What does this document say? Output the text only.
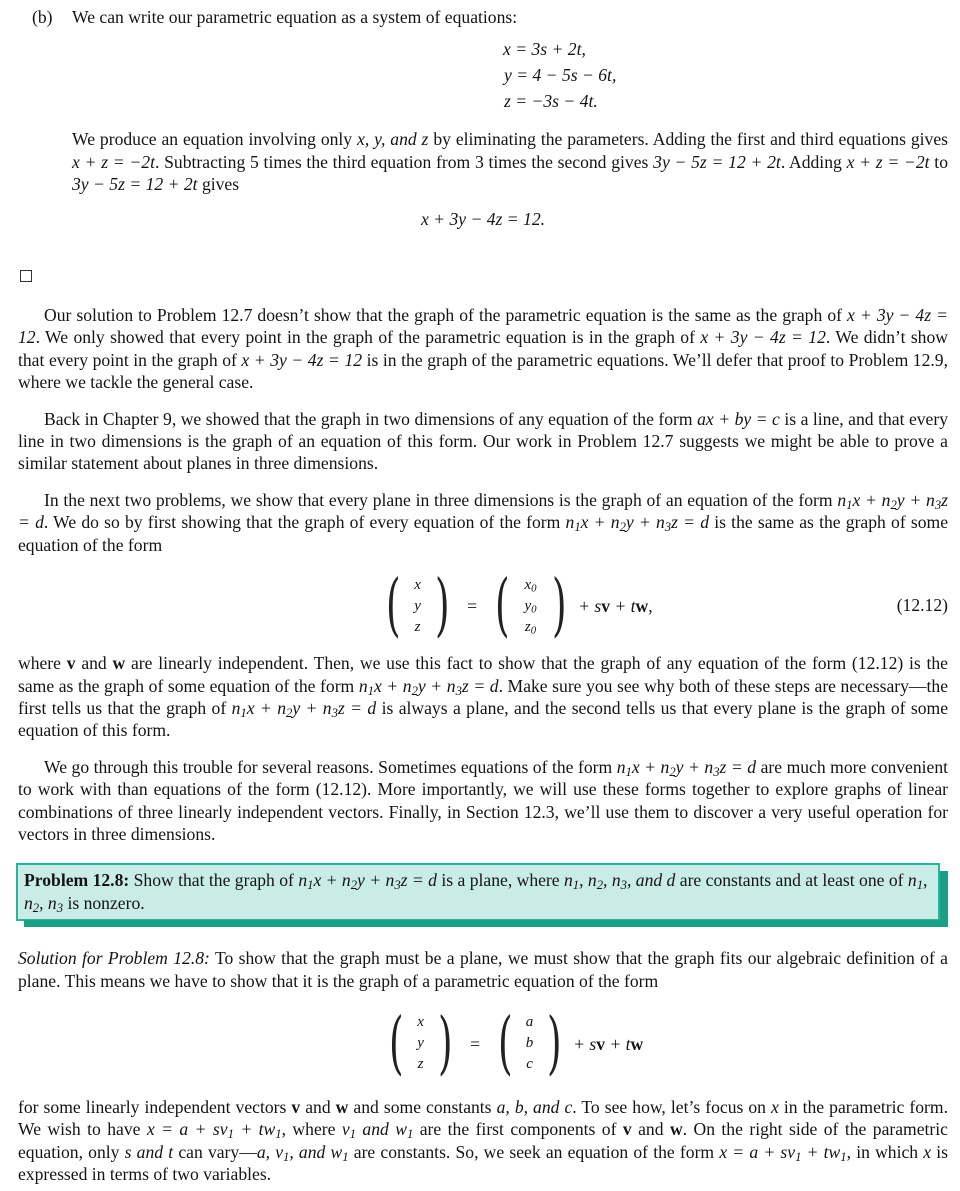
(b) We can write our parametric equation as a system of equations:

x = 3s + 2t,
y = 4 − 5s − 6t,
z = −3s − 4t.

We produce an equation involving only x, y, and z by eliminating the parameters. Adding the first and third equations gives x + z = −2t. Subtracting 5 times the third equation from 3 times the second gives 3y − 5z = 12 + 2t. Adding x + z = −2t to 3y − 5z = 12 + 2t gives

x + 3y − 4z = 12.

Our solution to Problem 12.7 doesn’t show that the graph of the parametric equation is the same as the graph of x + 3y − 4z = 12. We only showed that every point in the graph of the parametric equation is in the graph of x + 3y − 4z = 12. We didn’t show that every point in the graph of x + 3y − 4z = 12 is in the graph of the parametric equations. We’ll defer that proof to Problem 12.9, where we tackle the general case.

Back in Chapter 9, we showed that the graph in two dimensions of any equation of the form ax + by = c is a line, and that every line in two dimensions is the graph of an equation of this form. Our work in Problem 12.7 suggests we might be able to prove a similar statement about planes in three dimensions.

In the next two problems, we show that every plane in three dimensions is the graph of an equation of the form $n_1x + n_2y + n_3z = d$. We do so by first showing that the graph of every equation of the form $n_1x + n_2y + n_3z = d$ is the same as the graph of some equation of the form

( x
y
z ) = ( $x_0$
$y_0$
$z_0$ ) + sv + tw,	(12.12)

where v and w are linearly independent. Then, we use this fact to show that the graph of any equation of the form (12.12) is the same as the graph of some equation of the form $n_1x + n_2y + n_3z = d$. Make sure you see why both of these steps are necessary—the first tells us that the graph of $n_1x + n_2y + n_3z = d$ is always a plane, and the second tells us that every plane is the graph of some equation of this form.

We go through this trouble for several reasons. Sometimes equations of the form $n_1x + n_2y + n_3z = d$ are much more convenient to work with than equations of the form (12.12). More importantly, we will use these forms together to explore graphs of linear combinations of three linearly independent vectors. Finally, in Section 12.3, we’ll use them to discover a very useful operation for vectors in three dimensions.

Problem 12.8: Show that the graph of $n_1x + n_2y + n_3z = d$ is a plane, where $n_1$, $n_2$, $n_3$, and d are constants and at least one of $n_1$, $n_2$, $n_3$ is nonzero.

Solution for Problem 12.8: To show that the graph must be a plane, we must show that the graph fits our algebraic definition of a plane. This means we have to show that it is the graph of a parametric equation of the form

( x
y
z ) = ( a
b
c ) + sv + tw

for some linearly independent vectors v and w and some constants a, b, and c. To see how, let’s focus on x in the parametric form. We wish to have $x = a + sv_1 + tw_1$, where $v_1$ and $w_1$ are the first components of v and w. On the right side of the parametric equation, only s and t can vary—a, $v_1$, and $w_1$ are constants. So, we seek an equation of the form $x = a + sv_1 + tw_1$, in which x is expressed in terms of two variables.
